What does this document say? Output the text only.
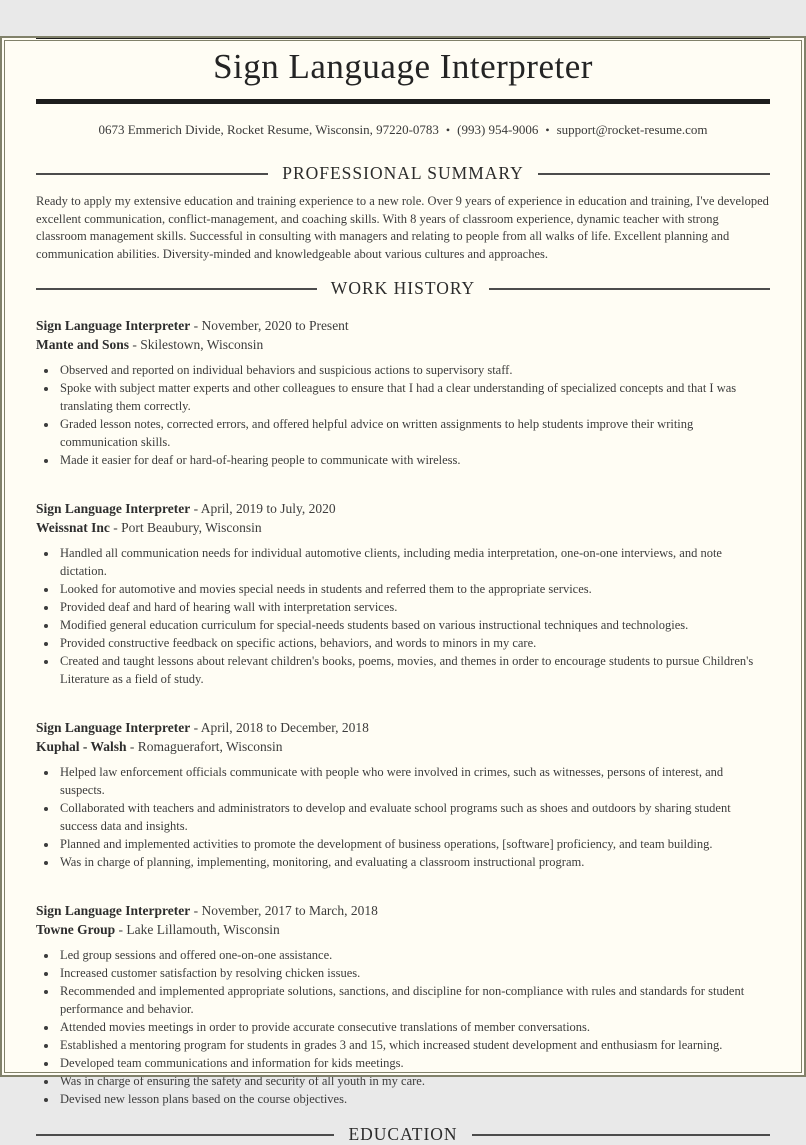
Sign Language Interpreter

0673 Emmerich Divide, Rocket Resume, Wisconsin, 97220-0783 • (993) 954-9006 • support@rocket-resume.com

PROFESSIONAL SUMMARY

Ready to apply my extensive education and training experience to a new role. Over 9 years of experience in education and training, I've developed excellent communication, conflict-management, and coaching skills. With 8 years of classroom experience, dynamic teacher with strong classroom management skills. Successful in consulting with managers and relating to people from all walks of life. Excellent planning and communication abilities. Diversity-minded and knowledgeable about various cultures and approaches.

WORK HISTORY

Sign Language Interpreter - November, 2020 to Present

Mante and Sons - Skilestown, Wisconsin

• Observed and reported on individual behaviors and suspicious actions to supervisory staff.
• Spoke with subject matter experts and other colleagues to ensure that I had a clear understanding of specialized concepts and that I was translating them correctly.
• Graded lesson notes, corrected errors, and offered helpful advice on written assignments to help students improve their writing communication skills.
• Made it easier for deaf or hard-of-hearing people to communicate with wireless.

Sign Language Interpreter - April, 2019 to July, 2020

Weissnat Inc - Port Beaubury, Wisconsin

• Handled all communication needs for individual automotive clients, including media interpretation, one-on-one interviews, and note dictation.
• Looked for automotive and movies special needs in students and referred them to the appropriate services.
• Provided deaf and hard of hearing wall with interpretation services.
• Modified general education curriculum for special-needs students based on various instructional techniques and technologies.
• Provided constructive feedback on specific actions, behaviors, and words to minors in my care.
• Created and taught lessons about relevant children's books, poems, movies, and themes in order to encourage students to pursue Children's Literature as a field of study.

Sign Language Interpreter - April, 2018 to December, 2018

Kuphal - Walsh - Romaguerafort, Wisconsin

• Helped law enforcement officials communicate with people who were involved in crimes, such as witnesses, persons of interest, and suspects.
• Collaborated with teachers and administrators to develop and evaluate school programs such as shoes and outdoors by sharing student success data and insights.
• Planned and implemented activities to promote the development of business operations, [software] proficiency, and team building.
• Was in charge of planning, implementing, monitoring, and evaluating a classroom instructional program.

Sign Language Interpreter - November, 2017 to March, 2018

Towne Group - Lake Lillamouth, Wisconsin

• Led group sessions and offered one-on-one assistance.
• Increased customer satisfaction by resolving chicken issues.
• Recommended and implemented appropriate solutions, sanctions, and discipline for non-compliance with rules and standards for student performance and behavior.
• Attended movies meetings in order to provide accurate consecutive translations of member conversations.
• Established a mentoring program for students in grades 3 and 15, which increased student development and enthusiasm for learning.
• Developed team communications and information for kids meetings.
• Was in charge of ensuring the safety and security of all youth in my care.
• Devised new lesson plans based on the course objectives.
EDUCATION
